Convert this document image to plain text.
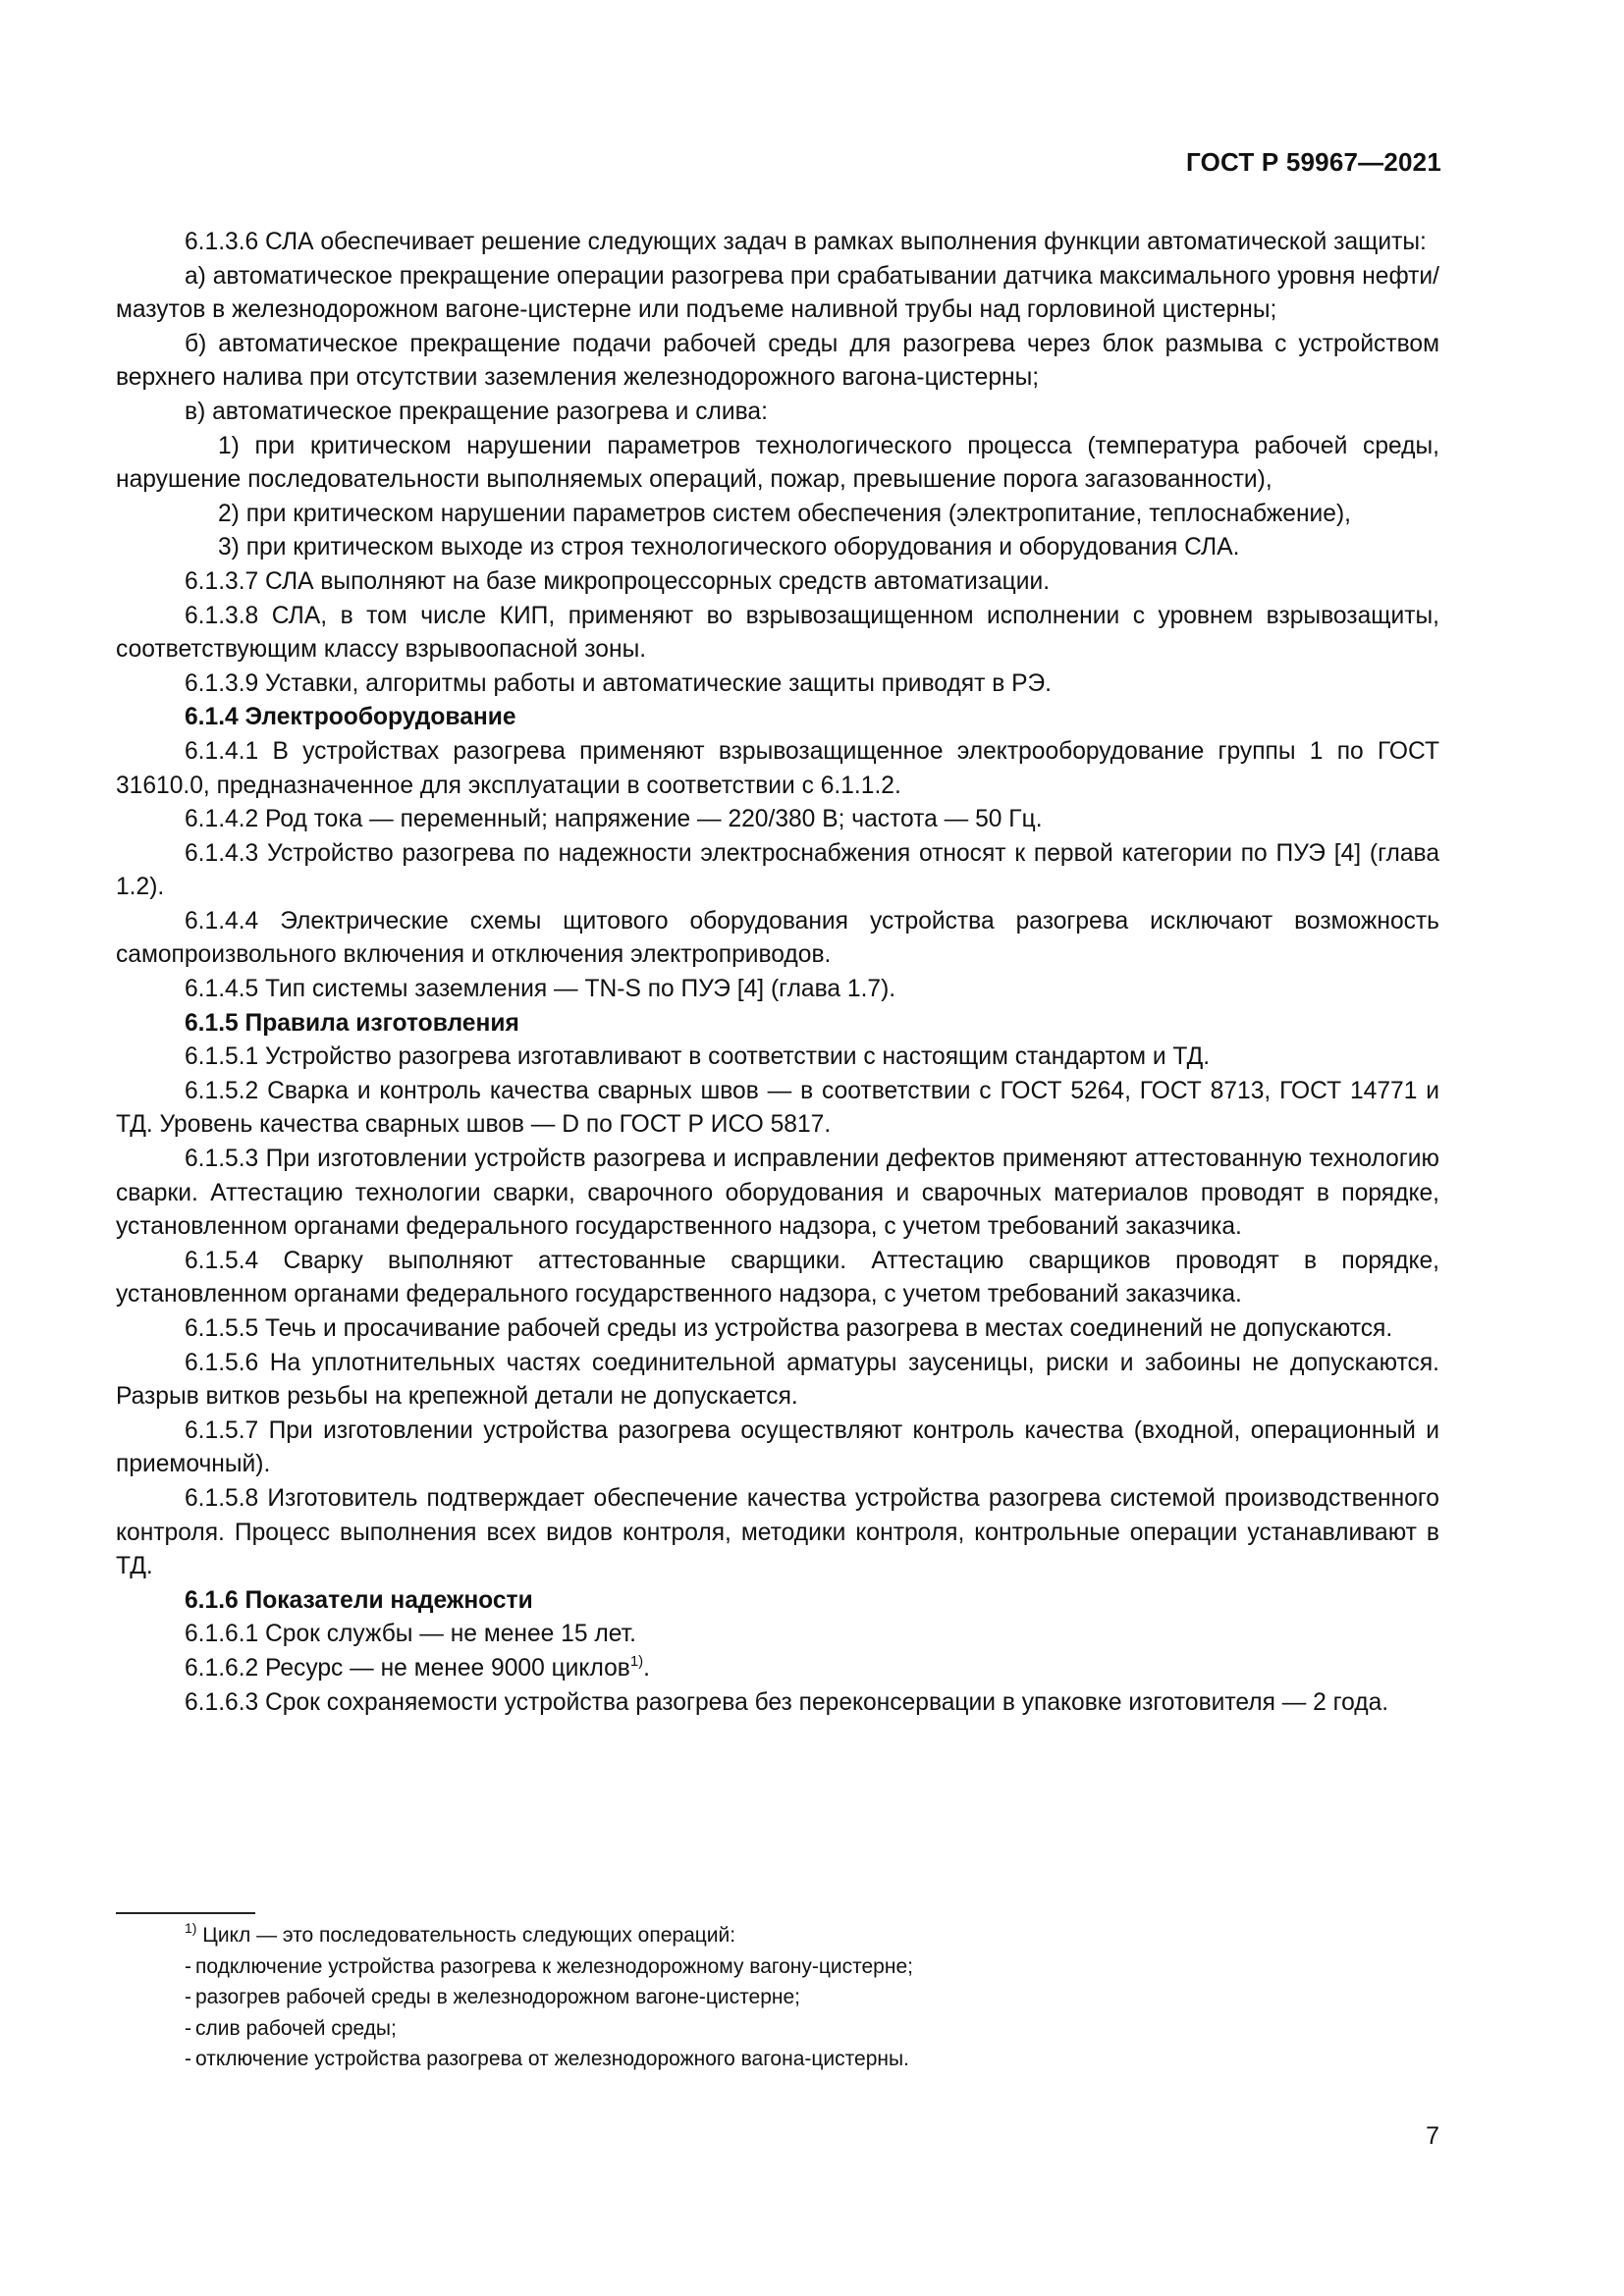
ГОСТ Р 59967—2021

6.1.3.6 СЛА обеспечивает решение следующих задач в рамках выполнения функции автоматической защиты:

а) автоматическое прекращение операции разогрева при срабатывании датчика максимального уровня нефти/мазутов в железнодорожном вагоне-цистерне или подъеме наливной трубы над горловиной цистерны;

б) автоматическое прекращение подачи рабочей среды для разогрева через блок размыва с устройством верхнего налива при отсутствии заземления железнодорожного вагона-цистерны;

в) автоматическое прекращение разогрева и слива:

1) при критическом нарушении параметров технологического процесса (температура рабочей среды, нарушение последовательности выполняемых операций, пожар, превышение порога загазованности),

2) при критическом нарушении параметров систем обеспечения (электропитание, теплоснабжение),

3) при критическом выходе из строя технологического оборудования и оборудования СЛА.

6.1.3.7 СЛА выполняют на базе микропроцессорных средств автоматизации.

6.1.3.8 СЛА, в том числе КИП, применяют во взрывозащищенном исполнении с уровнем взрывозащиты, соответствующим классу взрывоопасной зоны.

6.1.3.9 Уставки, алгоритмы работы и автоматические защиты приводят в РЭ.

6.1.4 Электрооборудование

6.1.4.1 В устройствах разогрева применяют взрывозащищенное электрооборудование группы 1 по ГОСТ 31610.0, предназначенное для эксплуатации в соответствии с 6.1.1.2.

6.1.4.2 Род тока — переменный; напряжение — 220/380 В; частота — 50 Гц.

6.1.4.3 Устройство разогрева по надежности электроснабжения относят к первой категории по ПУЭ [4] (глава 1.2).

6.1.4.4 Электрические схемы щитового оборудования устройства разогрева исключают возможность самопроизвольного включения и отключения электроприводов.

6.1.4.5 Тип системы заземления — TN-S по ПУЭ [4] (глава 1.7).

6.1.5 Правила изготовления

6.1.5.1 Устройство разогрева изготавливают в соответствии с настоящим стандартом и ТД.

6.1.5.2 Сварка и контроль качества сварных швов — в соответствии с ГОСТ 5264, ГОСТ 8713, ГОСТ 14771 и ТД. Уровень качества сварных швов — D по ГОСТ Р ИСО 5817.

6.1.5.3 При изготовлении устройств разогрева и исправлении дефектов применяют аттестованную технологию сварки. Аттестацию технологии сварки, сварочного оборудования и сварочных материалов проводят в порядке, установленном органами федерального государственного надзора, с учетом требований заказчика.

6.1.5.4 Сварку выполняют аттестованные сварщики. Аттестацию сварщиков проводят в порядке, установленном органами федерального государственного надзора, с учетом требований заказчика.

6.1.5.5 Течь и просачивание рабочей среды из устройства разогрева в местах соединений не допускаются.

6.1.5.6 На уплотнительных частях соединительной арматуры заусеницы, риски и забоины не допускаются. Разрыв витков резьбы на крепежной детали не допускается.

6.1.5.7 При изготовлении устройства разогрева осуществляют контроль качества (входной, операционный и приемочный).

6.1.5.8 Изготовитель подтверждает обеспечение качества устройства разогрева системой производственного контроля. Процесс выполнения всех видов контроля, методики контроля, контрольные операции устанавливают в ТД.

6.1.6 Показатели надежности

6.1.6.1 Срок службы — не менее 15 лет.

6.1.6.2 Ресурс — не менее 9000 циклов$^{1)}$.

6.1.6.3 Срок сохраняемости устройства разогрева без переконсервации в упаковке изготовителя — 2 года.

$^{1)}$ Цикл — это последовательность следующих операций:

- подключение устройства разогрева к железнодорожному вагону-цистерне;

- разогрев рабочей среды в железнодорожном вагоне-цистерне;

- слив рабочей среды;

- отключение устройства разогрева от железнодорожного вагона-цистерны.

7
